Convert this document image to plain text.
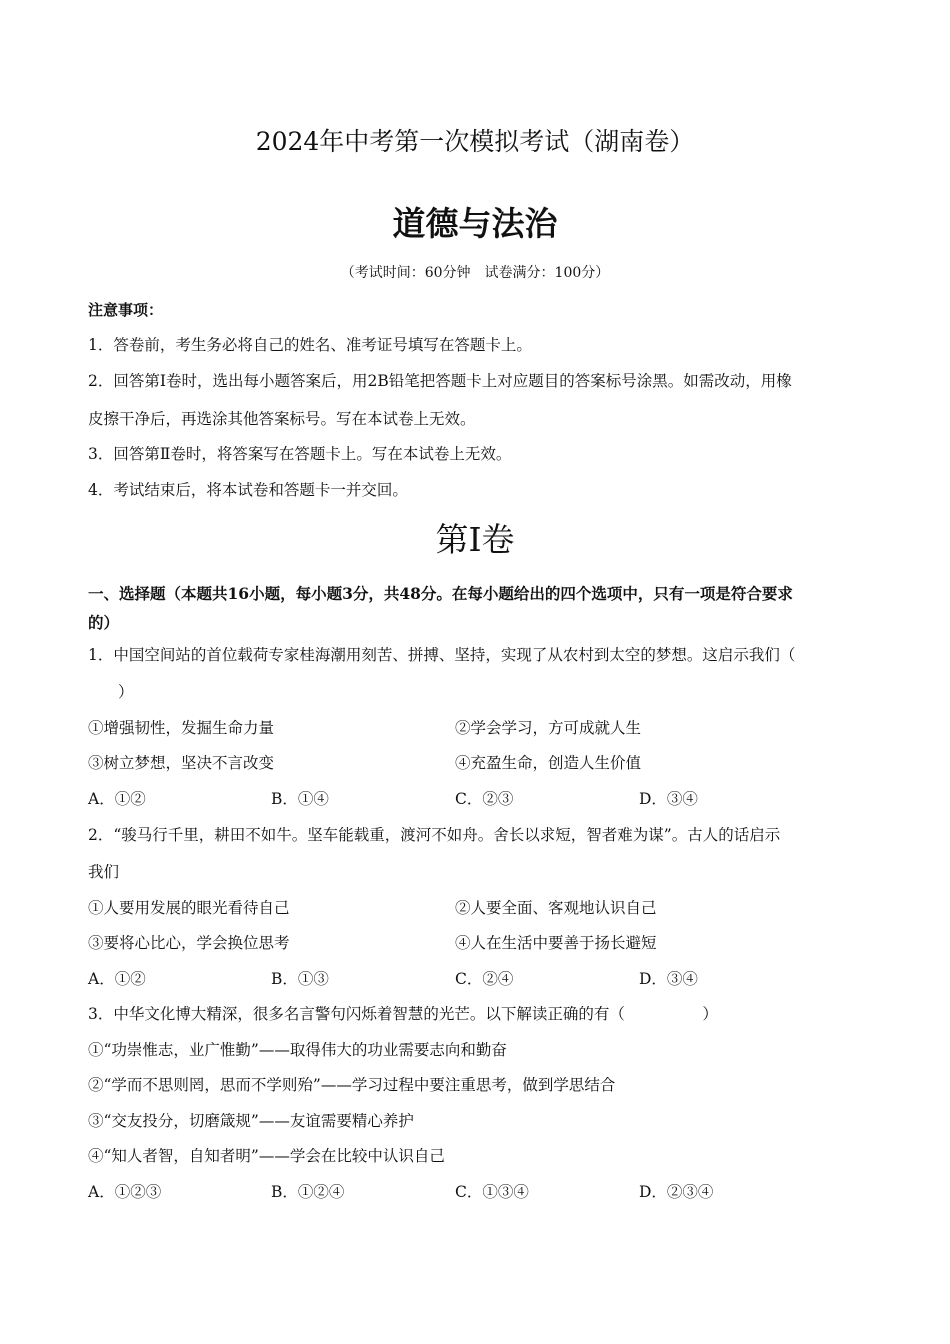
2024年中考第一次模拟考试（湖南卷）
道德与法治
（考试时间：60分钟　试卷满分：100分）
注意事项：
1．答卷前，考生务必将自己的姓名、准考证号填写在答题卡上。
2．回答第Ⅰ卷时，选出每小题答案后，用2B铅笔把答题卡上对应题目的答案标号涂黑。如需改动，用橡
皮擦干净后，再选涂其他答案标号。写在本试卷上无效。
3．回答第Ⅱ卷时，将答案写在答题卡上。写在本试卷上无效。
4．考试结束后，将本试卷和答题卡一并交回。
第Ⅰ卷
一、选择题（本题共16小题，每小题3分，共48分。在每小题给出的四个选项中，只有一项是符合要求
的）
1．中国空间站的首位载荷专家桂海潮用刻苦、拼搏、坚持，实现了从农村到太空的梦想。这启示我们（
）
①增强韧性，发掘生命力量	②学会学习，方可成就人生
③树立梦想，坚决不言改变	④充盈生命，创造人生价值
A．①②	B．①④	C．②③	D．③④
2．“骏马行千里，耕田不如牛。坚车能载重，渡河不如舟。舍长以求短，智者难为谋”。古人的话启示
我们
①人要用发展的眼光看待自己	②人要全面、客观地认识自己
③要将心比心，学会换位思考	④人在生活中要善于扬长避短
A．①②	B．①③	C．②④	D．③④
3．中华文化博大精深，很多名言警句闪烁着智慧的光芒。以下解读正确的有（　　　　　）
①“功崇惟志，业广惟勤”——取得伟大的功业需要志向和勤奋
②“学而不思则罔，思而不学则殆”——学习过程中要注重思考，做到学思结合
③“交友投分，切磨箴规”——友谊需要精心养护
④“知人者智，自知者明”——学会在比较中认识自己
A．①②③	B．①②④	C．①③④	D．②③④
